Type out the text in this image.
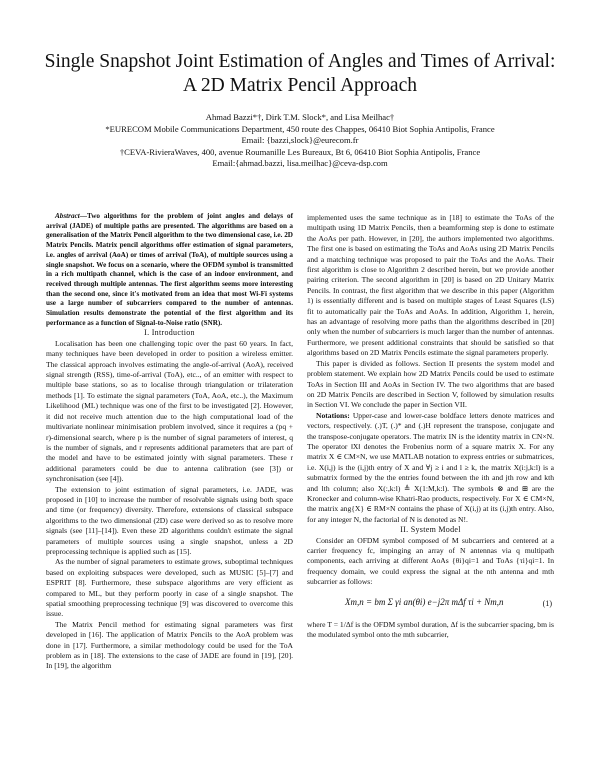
Single Snapshot Joint Estimation of Angles and Times of Arrival: A 2D Matrix Pencil Approach
Ahmad Bazzi*†, Dirk T.M. Slock*, and Lisa Meilhac†
*EURECOM Mobile Communications Department, 450 route des Chappes, 06410 Biot Sophia Antipolis, France
Email: {bazzi,slock}@eurecom.fr
†CEVA-RivieraWaves, 400, avenue Roumanille Les Bureaux, Bt 6, 06410 Biot Sophia Antipolis, France
Email:{ahmad.bazzi, lisa.meilhac}@ceva-dsp.com

Abstract—Two algorithms for the problem of joint angles and delays of arrival (JADE) of multiple paths are presented. The algorithms are based on a generalisation of the Matrix Pencil algorithm to the two dimensional case, i.e. 2D Matrix Pencils. Matrix pencil algorithms offer estimation of signal parameters, i.e. angles of arrival (AoA) or times of arrival (ToA), of multiple sources using a single snapshot. We focus on a scenario, where the OFDM symbol is transmitted in a rich multipath channel, which is the case of an indoor environment, and received through multiple antennas. The first algorithm seems more interesting than the second one, since it's motivated from an idea that most Wi-Fi systems use a large number of subcarriers compared to the number of antennas. Simulation results demonstrate the potential of the first algorithm and its performance as a function of Signal-to-Noise ratio (SNR).

I. Introduction

Localisation has been one challenging topic over the past 60 years. In fact, many techniques have been developed in order to position a wireless emitter. The classical approach involves estimating the angle-of-arrival (AoA), received signal strength (RSS), time-of-arrival (ToA), etc.., of an emitter with respect to multiple base stations, so as to localise through triangulation or trilateration methods [1]. To estimate the signal parameters (ToA, AoA, etc..), the Maximum Likelihood (ML) technique was one of the first to be investigated [2]. However, it did not receive much attention due to the high computational load of the multivariate nonlinear minimisation problem involved, since it requires a (pq + r)-dimensional search, where p is the number of signal parameters of interest, q is the number of signals, and r represents additional parameters that are part of the model and have to be estimated jointly with signal parameters. These r additional parameters could be due to antenna calibration (see [3]) or synchronisation (see [4]).

The extension to joint estimation of signal parameters, i.e. JADE, was proposed in [10] to increase the number of resolvable signals using both space and time (or frequency) diversity. Therefore, extensions of classical subspace algorithms to the two dimensional (2D) case were derived so as to resolve more signals (see [11]–[14]). Even these 2D algorithms couldn't estimate the signal parameters of multiple sources using a single snapshot, unless a 2D preprocessing technique is applied such as [15].

As the number of signal parameters to estimate grows, suboptimal techniques based on exploiting subspaces were developed, such as MUSIC [5]–[7] and ESPRIT [8]. Furthermore, these subspace algorithms are very efficient as compared to ML, but they perform poorly in case of a single snapshot. The spatial smoothing preprocessing technique [9] was discovered to overcome this issue.

The Matrix Pencil method for estimating signal parameters was first developed in [16]. The application of Matrix Pencils to the AoA problem was done in [17]. Furthermore, a similar methodology could be used for the ToA problem as in [18]. The extensions to the case of JADE are found in [19], [20]. In [19], the algorithm

implemented uses the same technique as in [18] to estimate the ToAs of the multipath using 1D Matrix Pencils, then a beamforming step is done to estimate the AoAs per path. However, in [20], the authors implemented two algorithms. The first one is based on estimating the ToAs and AoAs using 2D Matrix Pencils and a matching technique was proposed to pair the ToAs and the AoAs. Their first algorithm is close to Algorithm 2 described herein, but we provide another pairing criterion. The second algorithm in [20] is based on 2D Unitary Matrix Pencils. In contrast, the first algorithm that we describe in this paper (Algorithm 1) is essentially different and is based on multiple stages of Least Squares (LS) fit to automatically pair the ToAs and AoAs. In addition, Algorithm 1, herein, has an advantage of resolving more paths than the algorithms described in [20] only when the number of subcarriers is much larger than the number of antennas. Furthermore, we present additional constraints that should be satisfied so that algorithms based on 2D Matrix Pencils estimate the signal parameters properly.

This paper is divided as follows. Section II presents the system model and problem statement. We explain how 2D Matrix Pencils could be used to estimate ToAs in Section III and AoAs in Section IV. The two algorithms that are based on 2D Matrix Pencils are described in Section V, followed by simulation results in Section VI. We conclude the paper in Section VII.

Notations: Upper-case and lower-case boldface letters denote matrices and vectors, respectively. (.)T, (.)* and (.)H represent the transpose, conjugate and the transpose-conjugate operators. The matrix IN is the identity matrix in CN×N. The operator ‖X‖ denotes the Frobenius norm of a square matrix X. For any matrix X ∈ CM×N, we use MATLAB notation to express entries or submatrices, i.e. X(i,j) is the (i,j)th entry of X and ∀j ≥ i and l ≥ k, the matrix X(i:j,k:l) is a submatrix formed by the the entries found between the ith and jth row and kth and lth column; also X(:,k:l) ≜ X(1:M,k:l). The symbols ⊗ and ⊞ are the Kronecker and column-wise Khatri-Rao products, respectively. For X ∈ CM×N, the matrix ang{X} ∈ RM×N contains the phase of X(i,j) at its (i,j)th entry. Also, for any integer N, the factorial of N is denoted as N!.

II. System Model

Consider an OFDM symbol composed of M subcarriers and centered at a carrier frequency fc, impinging an array of N antennas via q multipath components, each arriving at different AoAs {θi}qi=1 and ToAs {τi}qi=1. In frequency domain, we could express the signal at the nth antenna and mth subcarrier as follows:

Xm,n = bm Σ γi an(θi) e−j2π mΔf τi + Nm,n	(1)

where T = 1/Δf is the OFDM symbol duration, Δf is the subcarrier spacing, bm is the modulated symbol onto the mth subcarrier,
